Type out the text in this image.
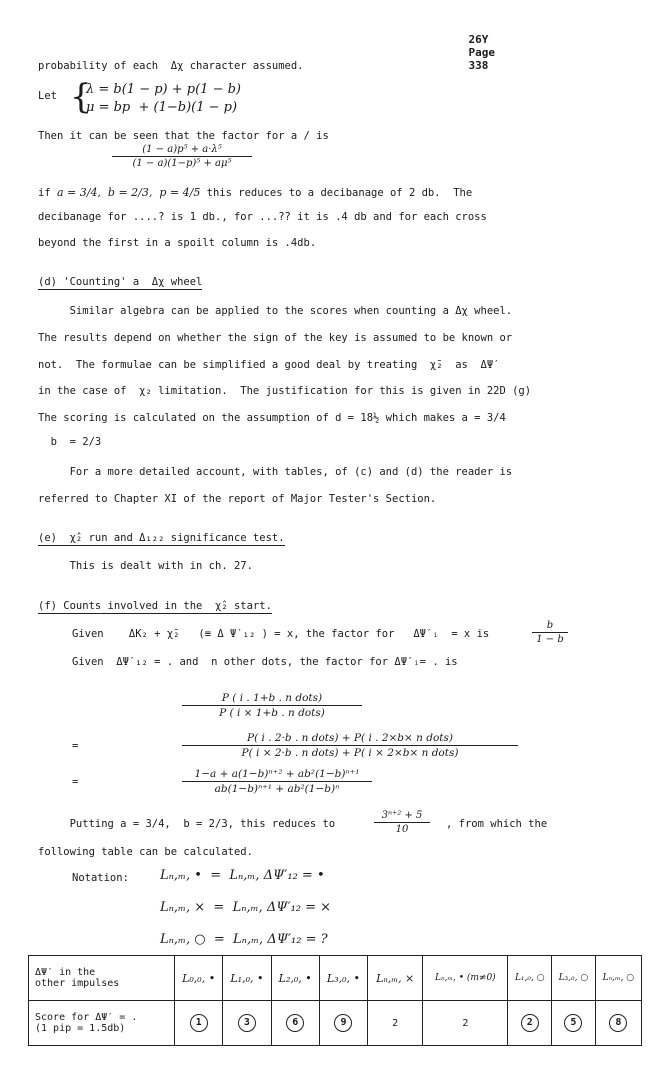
26Y
Page
338

probability of each  Δχ character assumed.
Let {
λ = b(1 − p) + p(1 − b)
μ = bp  + (1−b)(1 − p)
Then it can be seen that the factor for a / is
$\frac{\text{(1 − a)p⁵ + a·λ⁵}}{\text{(1 − a)(1−p)⁵ + aμ⁵}}$
if a = 3/4,  b = 2/3,  p = 4/5 this reduces to a decibanage of 2 db.  The
decibanage for ....? is 1 db., for ...?? it is .4 db and for each cross
beyond the first in a spoilt column is .4db.
(d) 'Counting' a  Δχ wheel
Similar algebra can be applied to the scores when counting a Δχ wheel.
The results depend on whether the sign of the key is assumed to be known or
not.  The formulae can be simplified a good deal by treating  χ̄₂  as  ΔΨ′
in the case of  χ₂ limitation.  The justification for this is given in 22D (g)
The scoring is calculated on the assumption of d = 18½ which makes a = 3/4
b  = 2/3
For a more detailed account, with tables, of (c) and (d) the reader is
referred to Chapter XI of the report of Major Tester's Section.
(e)  χ̂₂ run and Δ₁₂₂ significance test.
This is dealt with in ch. 27.
(f) Counts involved in the  χ̂₂ start.
Given    ΔK₂ + χ̄₂   (≡ Δ Ψ′₁₂ ) = x, the factor for   ΔΨ′ᵢ  = x is	$\frac{b}{1 - b}$
Given  ΔΨ′₁₂ = . and  n other dots, the factor for ΔΨ′ᵢ= . is
P ( i . 1+b . n dots)
P ( i × 1+b . n dots)
=
P( i . 2·b . n dots) + P( i . 2×b× n dots)
P( i × 2·b . n dots) + P( i × 2×b× n dots)
=	$\frac{\text{1−a + a(1−b)ⁿ⁺² + ab²(1−b)ⁿ⁺¹}}{\text{ab(1−b)ⁿ⁺¹ + ab²(1−b)ⁿ}}$
Putting a = 3/4,  b = 2/3, this reduces to	$\frac{\text{3ⁿ⁺² + 5}}{10}$ , from which the
following table can be calculated.
Notation: Lₙ,ₘ, •  =  Lₙ,ₘ, ΔΨ′₁₂ = •
Lₙ,ₘ, ×  =  Lₙ,ₘ, ΔΨ′₁₂ = ×
Lₙ,ₘ, ○  =  Lₙ,ₘ, ΔΨ′₁₂ = ?
ΔΨ′ in the
other impulses	L₀,₀, •	L₁,₀, •	L₂,₀, •	L₃,₀, •	Lₙ,ₘ, ×	Lₙ,ₘ, • (m≠0)	L₁,₀, ○	L₃,₀, ○	Lₙ,ₘ, ○
Score for ΔΨ′ = .
(1 pip = 1.5db)	1	3	6	9	2	2	2	5	8
